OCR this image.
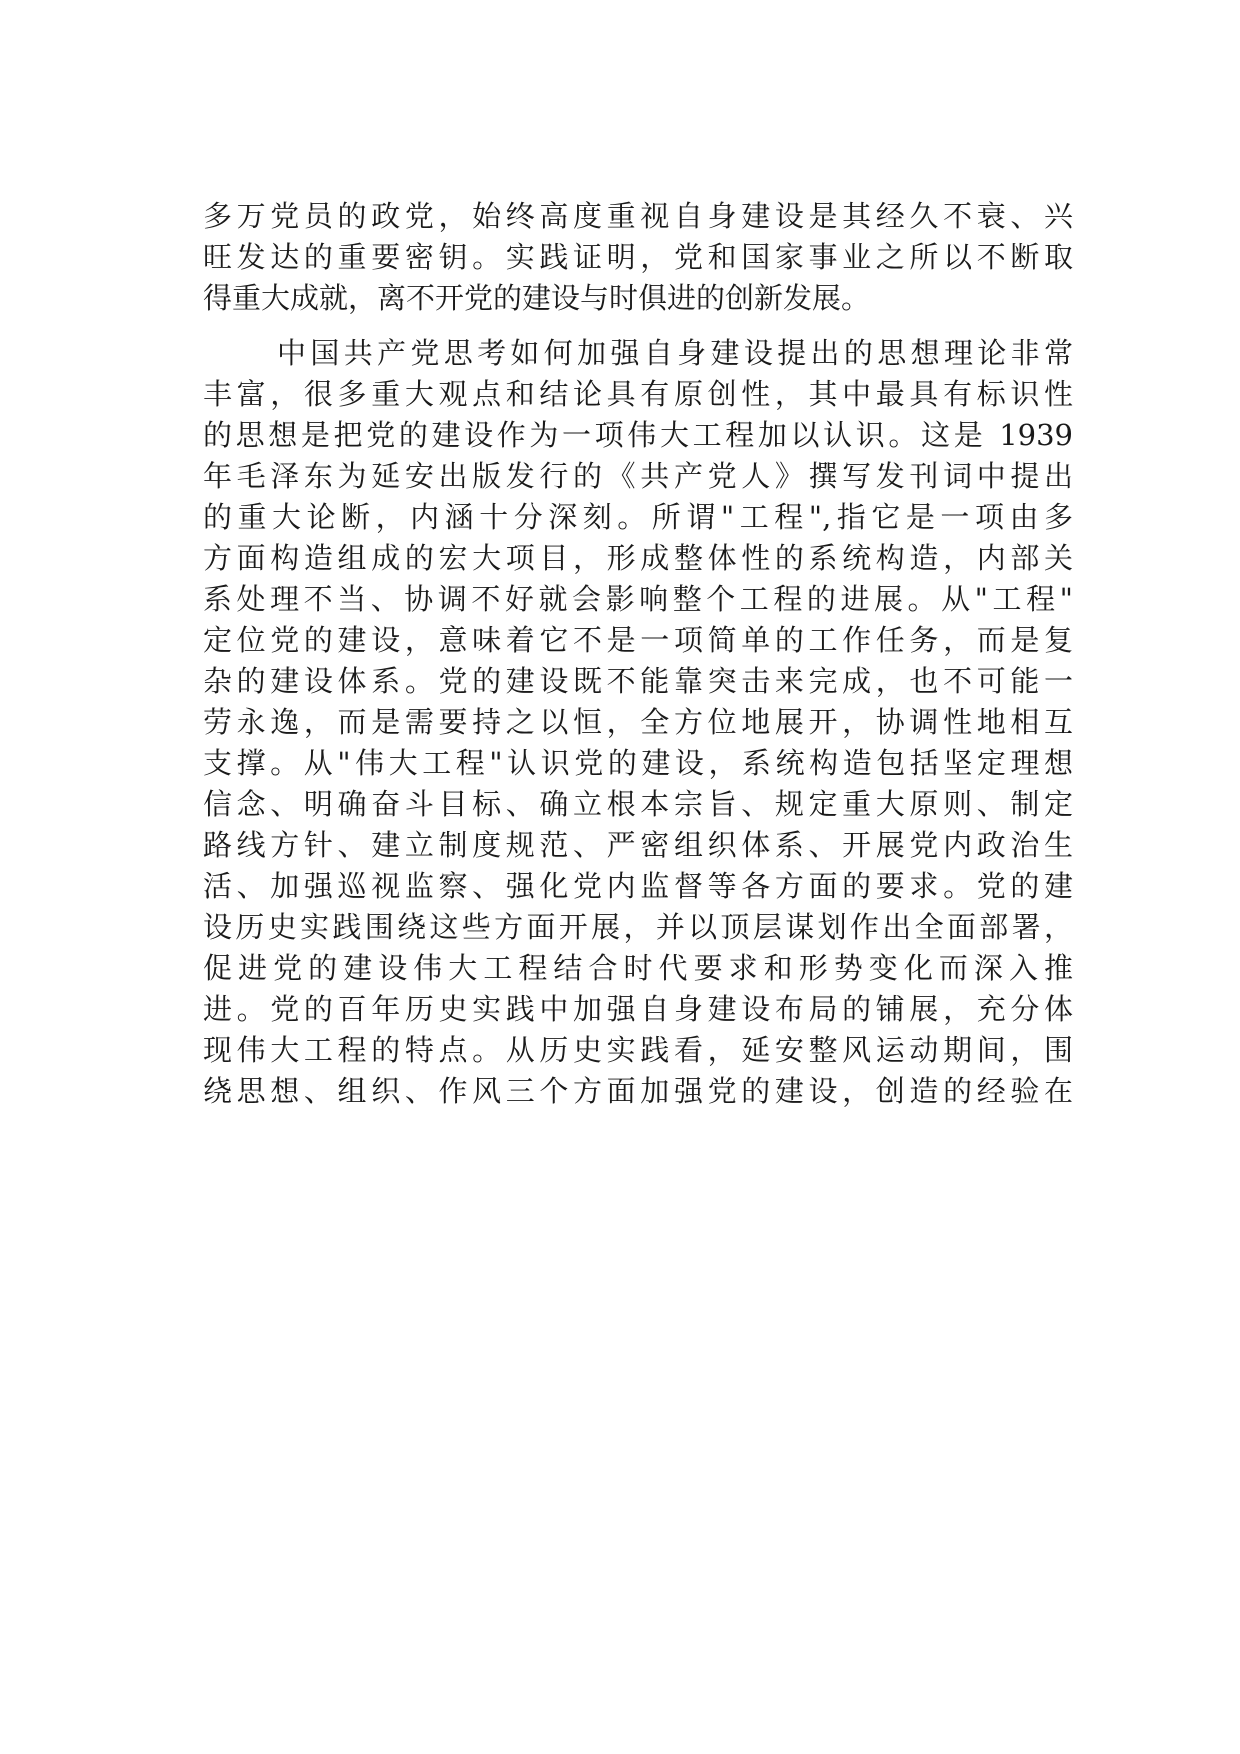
多万党员的政党，始终高度重视自身建设是其经久不衰、兴
旺发达的重要密钥。实践证明，党和国家事业之所以不断取
得重大成就，离不开党的建设与时俱进的创新发展。
中国共产党思考如何加强自身建设提出的思想理论非常
丰富，很多重大观点和结论具有原创性，其中最具有标识性
的思想是把党的建设作为一项伟大工程加以认识。这是 1939
年毛泽东为延安出版发行的《共产党人》撰写发刊词中提出
的重大论断，内涵十分深刻。所谓"工程",指它是一项由多
方面构造组成的宏大项目，形成整体性的系统构造，内部关
系处理不当、协调不好就会影响整个工程的进展。从"工程"
定位党的建设，意味着它不是一项简单的工作任务，而是复
杂的建设体系。党的建设既不能靠突击来完成，也不可能一
劳永逸，而是需要持之以恒，全方位地展开，协调性地相互
支撑。从"伟大工程"认识党的建设，系统构造包括坚定理想
信念、明确奋斗目标、确立根本宗旨、规定重大原则、制定
路线方针、建立制度规范、严密组织体系、开展党内政治生
活、加强巡视监察、强化党内监督等各方面的要求。党的建
设历史实践围绕这些方面开展，并以顶层谋划作出全面部署，
促进党的建设伟大工程结合时代要求和形势变化而深入推
进。党的百年历史实践中加强自身建设布局的铺展，充分体
现伟大工程的特点。从历史实践看，延安整风运动期间，围
绕思想、组织、作风三个方面加强党的建设，创造的经验在
